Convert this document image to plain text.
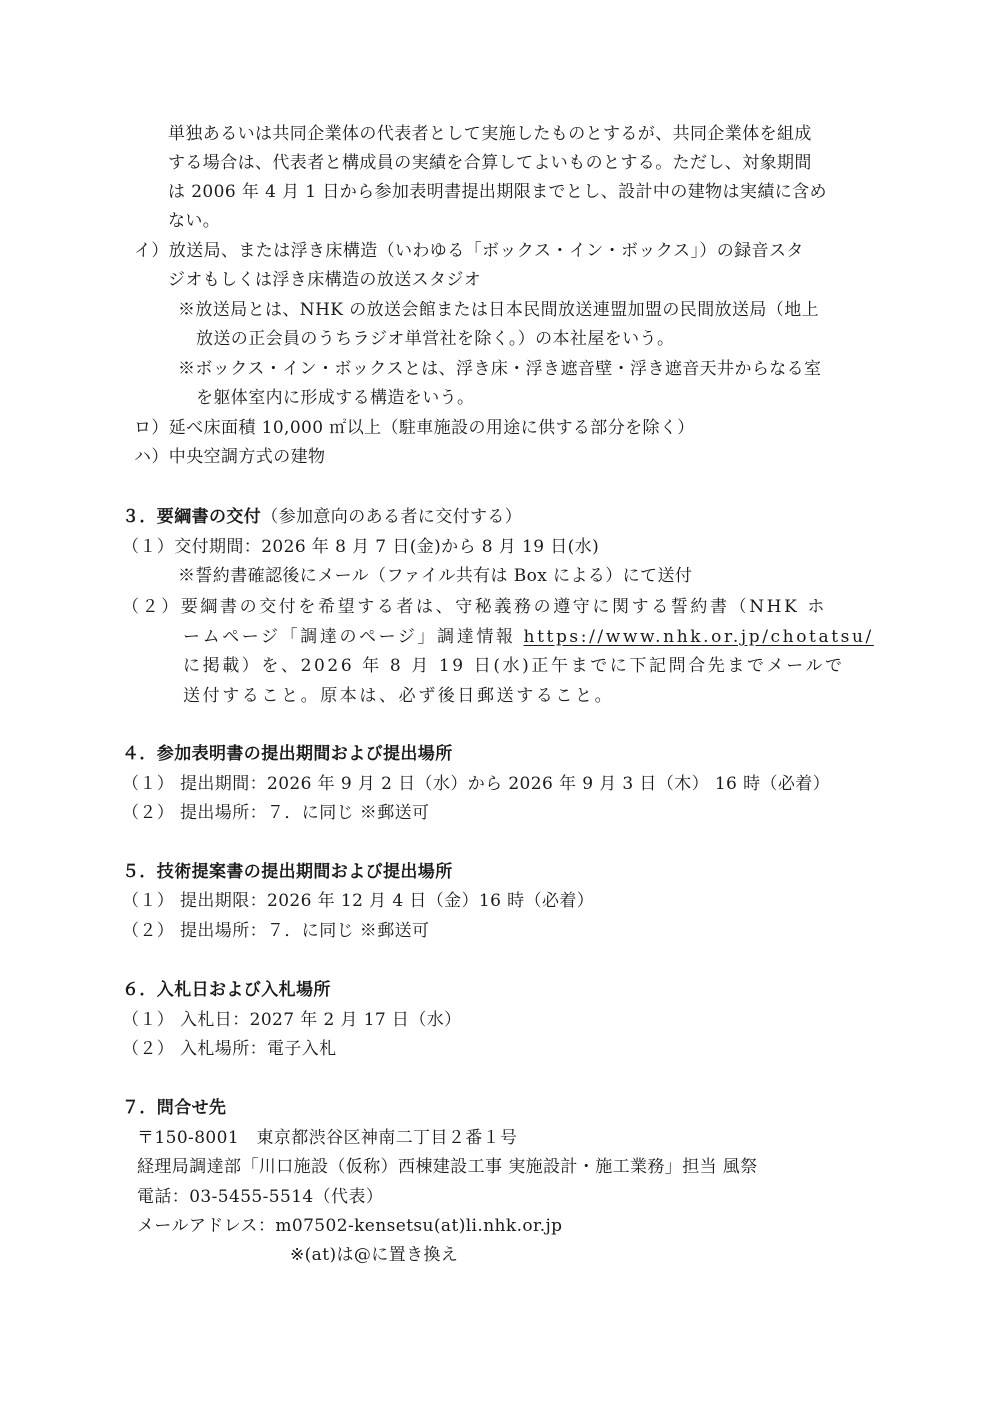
単独あるいは共同企業体の代表者として実施したものとするが、共同企業体を組成
する場合は、代表者と構成員の実績を合算してよいものとする。ただし、対象期間
は 2006 年 4 月 1 日から参加表明書提出期限までとし、設計中の建物は実績に含め
ない。
イ）放送局、または浮き床構造（いわゆる「ボックス・イン・ボックス」）の録音スタ
ジオもしくは浮き床構造の放送スタジオ
※放送局とは、NHK の放送会館または日本民間放送連盟加盟の民間放送局（地上
放送の正会員のうちラジオ単営社を除く。）の本社屋をいう。
※ボックス・イン・ボックスとは、浮き床・浮き遮音壁・浮き遮音天井からなる室
を躯体室内に形成する構造をいう。
ロ）延べ床面積 10,000 ㎡以上（駐車施設の用途に供する部分を除く）
ハ）中央空調方式の建物
３．要綱書の交付（参加意向のある者に交付する）
（１）交付期間：2026 年 8 月 7 日(金)から 8 月 19 日(水)
※誓約書確認後にメール（ファイル共有は Box による）にて送付
（２）要綱書の交付を希望する者は、守秘義務の遵守に関する誓約書（NHK ホ
ームページ「調達のページ」調達情報 https://www.nhk.or.jp/chotatsu/
に掲載）を、2026 年 8 月 19 日(水)正午までに下記問合先までメールで
送付すること。原本は、必ず後日郵送すること。
４．参加表明書の提出期間および提出場所
（１） 提出期間：2026 年 9 月 2 日（水）から 2026 年 9 月 3 日（木） 16 時（必着）
（２） 提出場所：７．に同じ ※郵送可
５．技術提案書の提出期間および提出場所
（１） 提出期限：2026 年 12 月 4 日（金）16 時（必着）
（２） 提出場所：７．に同じ ※郵送可
６．入札日および入札場所
（１） 入札日：2027 年 2 月 17 日（水）
（２） 入札場所：電子入札
７．問合せ先
〒150-8001　東京都渋谷区神南二丁目２番１号
経理局調達部「川口施設（仮称）西棟建設工事 実施設計・施工業務」担当 風祭
電話：03-5455-5514（代表）
メールアドレス：m07502-kensetsu(at)li.nhk.or.jp
※(at)は@に置き換え
